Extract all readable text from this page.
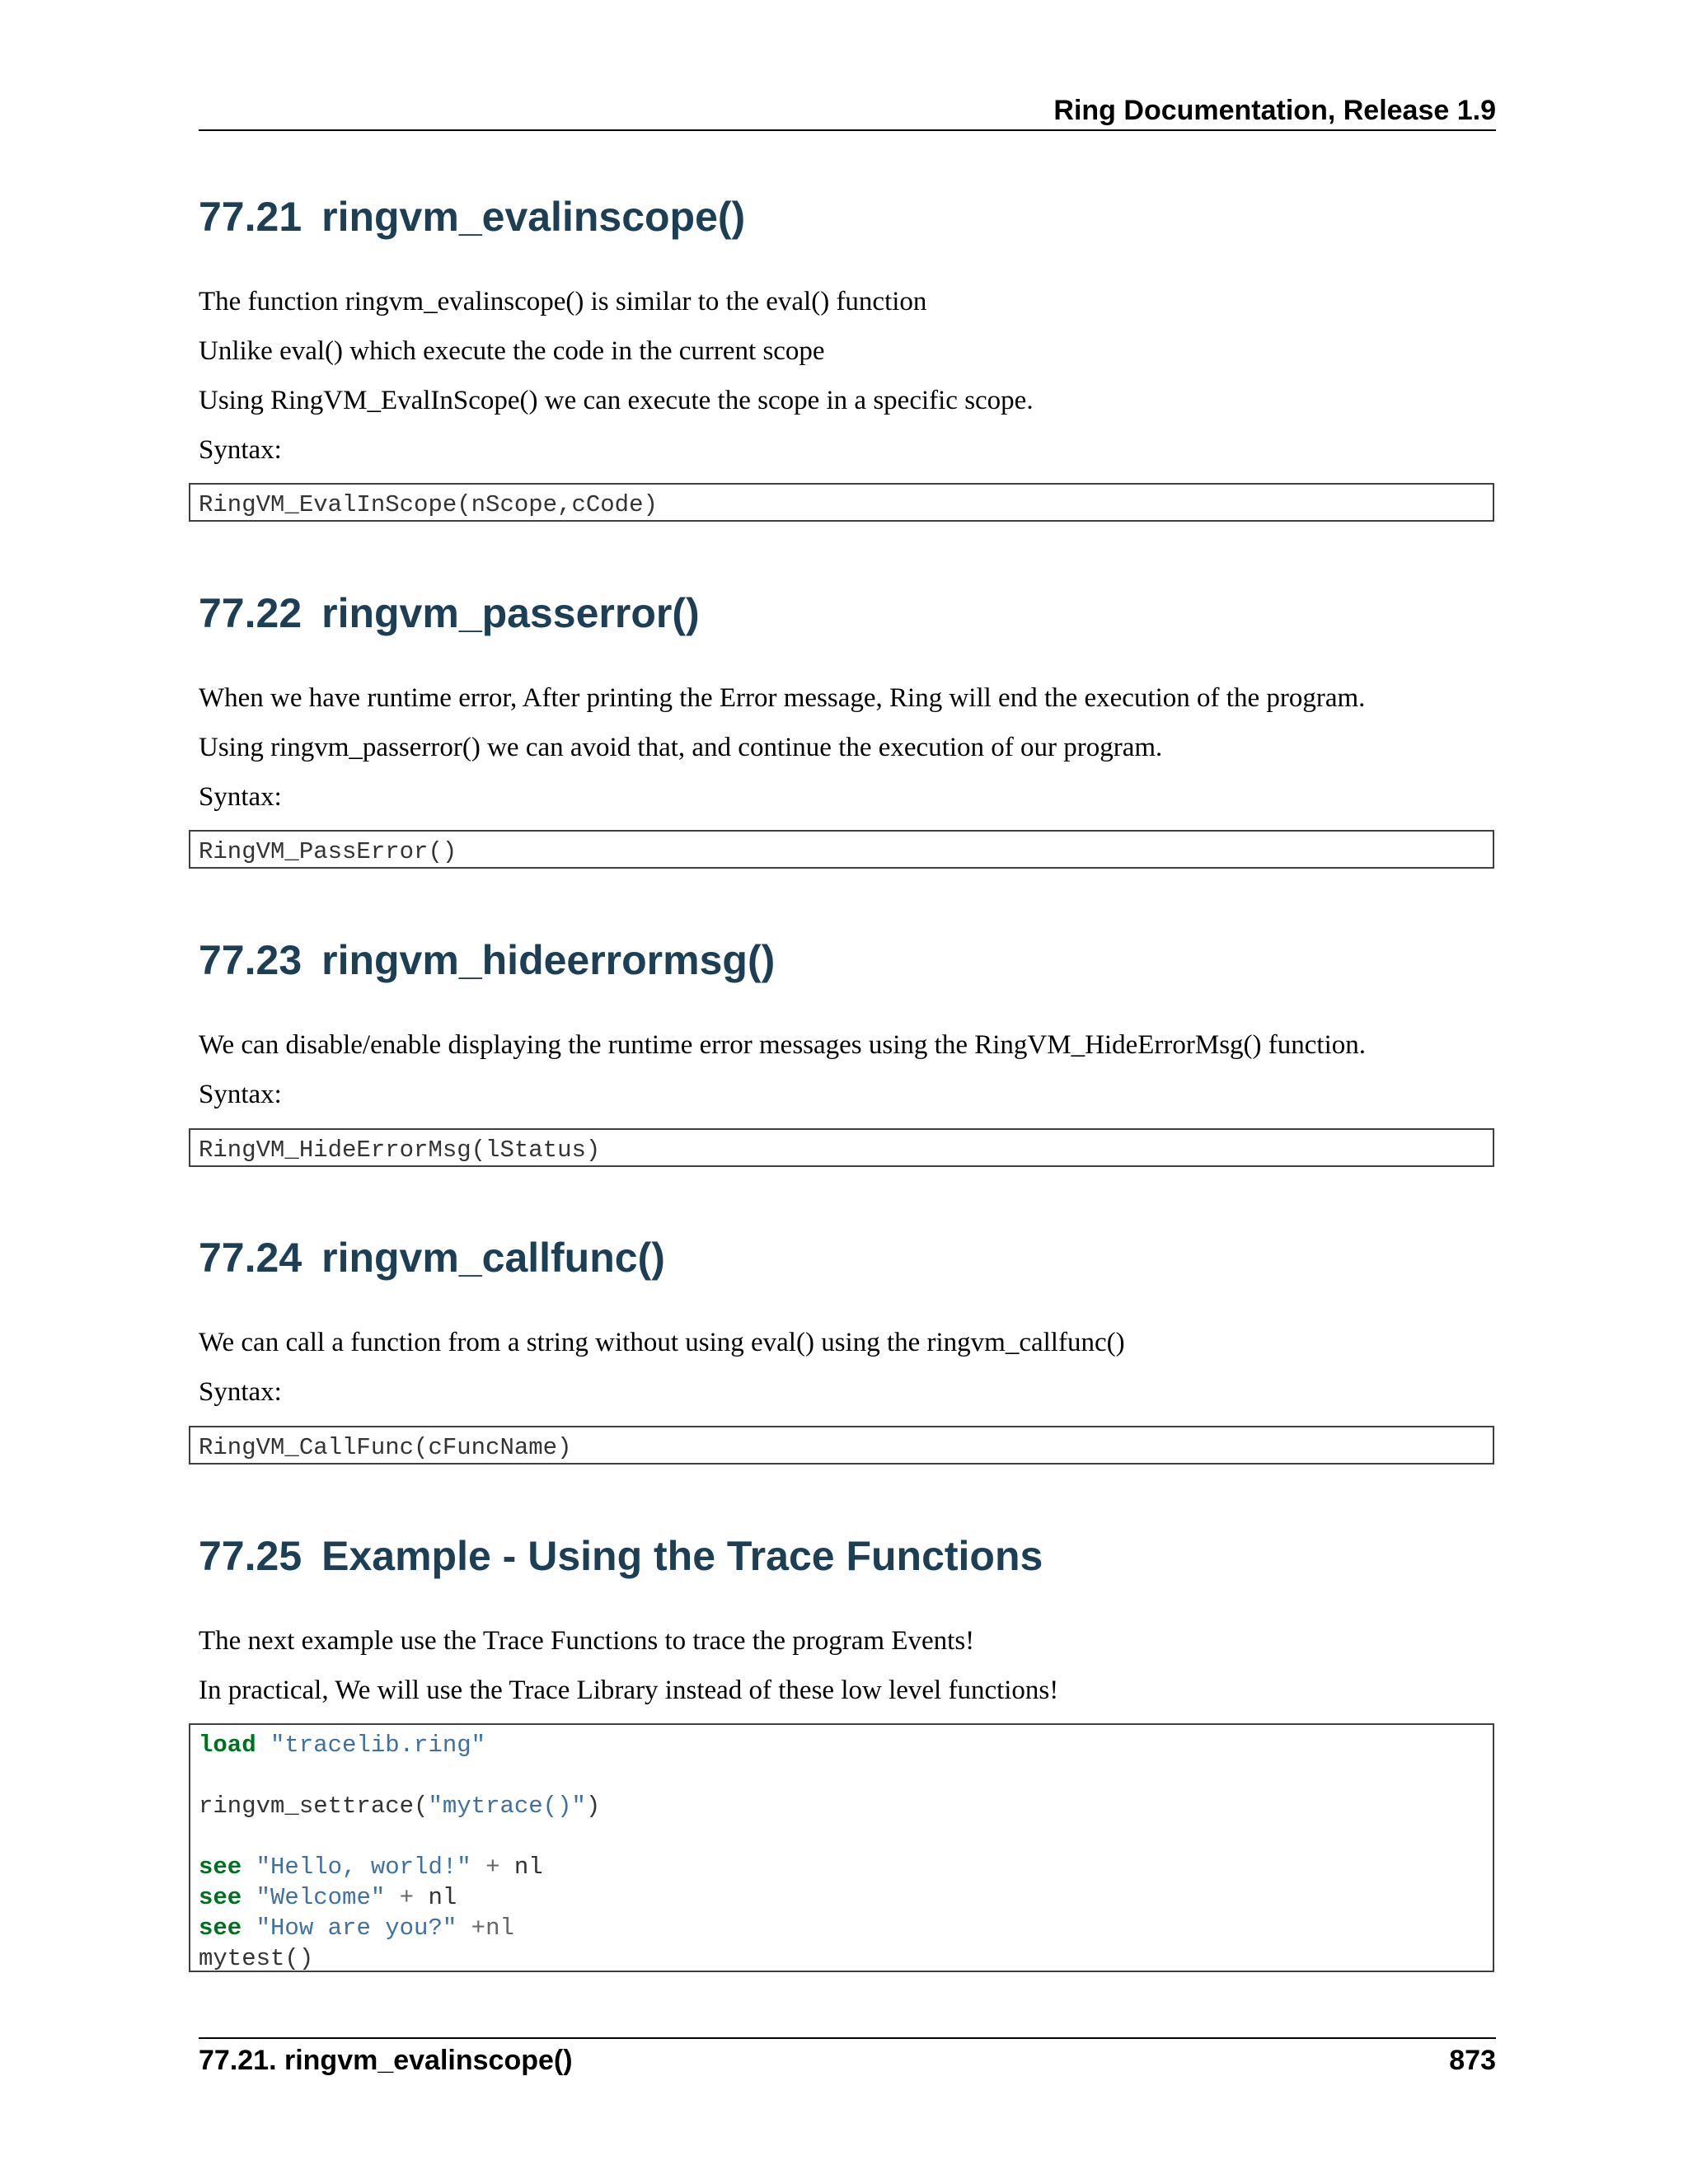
Ring Documentation, Release 1.9
77.21 ringvm_evalinscope()

The function ringvm_evalinscope() is similar to the eval() function

Unlike eval() which execute the code in the current scope

Using RingVM_EvalInScope() we can execute the scope in a specific scope.

Syntax:

RingVM_EvalInScope(nScope,cCode)
77.22 ringvm_passerror()

When we have runtime error, After printing the Error message, Ring will end the execution of the program.

Using ringvm_passerror() we can avoid that, and continue the execution of our program.

Syntax:

RingVM_PassError()
77.23 ringvm_hideerrormsg()

We can disable/enable displaying the runtime error messages using the RingVM_HideErrorMsg() function.

Syntax:

RingVM_HideErrorMsg(lStatus)
77.24 ringvm_callfunc()

We can call a function from a string without using eval() using the ringvm_callfunc()

Syntax:

RingVM_CallFunc(cFuncName)
77.25 Example - Using the Trace Functions

The next example use the Trace Functions to trace the program Events!

In practical, We will use the Trace Library instead of these low level functions!

load "tracelib.ring"

ringvm_settrace("mytrace()")

see "Hello, world!" + nl
see "Welcome" + nl
see "How are you?" +nl
mytest()
77.21. ringvm_evalinscope()	873
